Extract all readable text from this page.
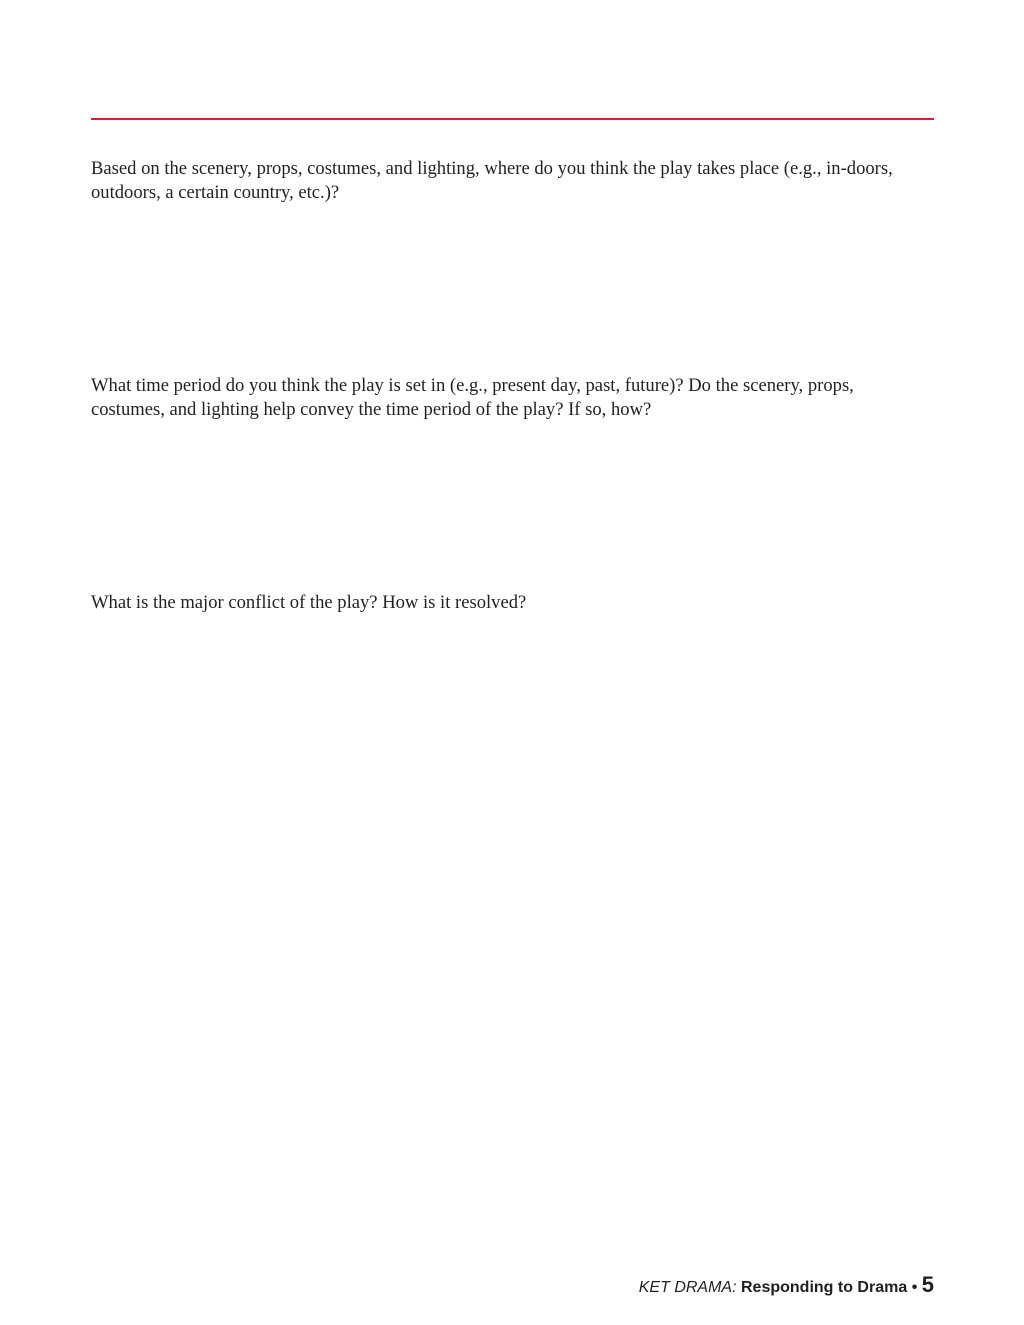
Based on the scenery, props, costumes, and lighting, where do you think the play takes place (e.g., in-doors, outdoors, a certain country, etc.)?

What time period do you think the play is set in (e.g., present day, past, future)? Do the scenery, props, costumes, and lighting help convey the time period of the play? If so, how?

What is the major conflict of the play? How is it resolved?

KET DRAMA: Responding to Drama • 5
